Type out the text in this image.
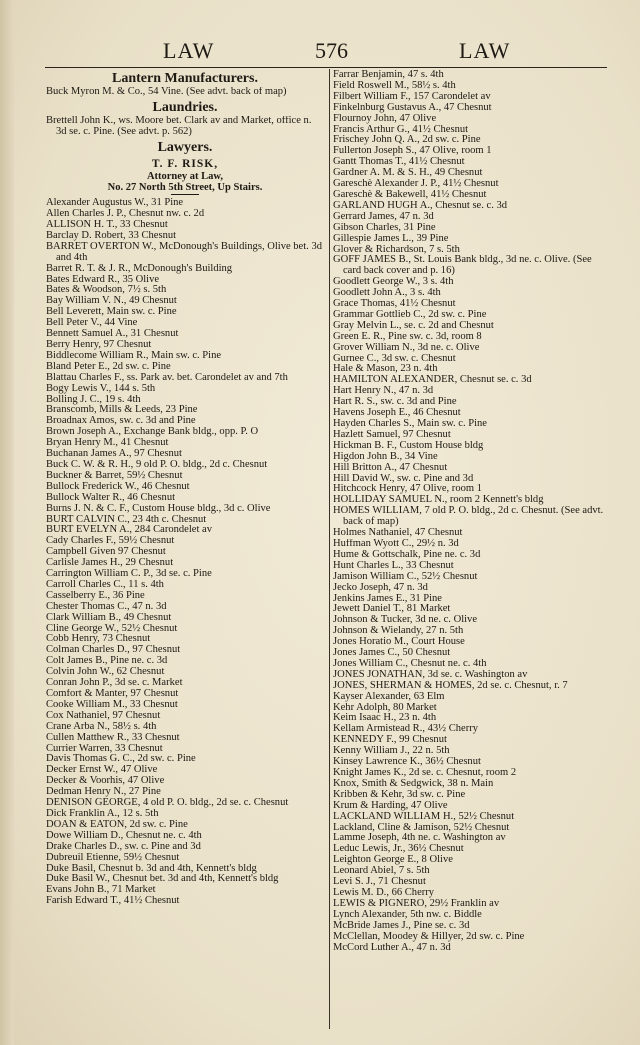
LAW	576	LAW
Lantern Manufacturers.
Buck Myron M. & Co., 54 Vine. (See advt. back of map)
Laundries.
Brettell John K., ws. Moore bet. Clark av and Market, office n. 3d se. c. Pine. (See advt. p. 562)
Lawyers.
T. F. RISK,
Attorney at Law,
No. 27 North 5th Street, Up Stairs.
Alexander Augustus W., 31 Pine
Allen Charles J. P., Chesnut nw. c. 2d
ALLISON H. T., 33 Chesnut
Barclay D. Robert, 33 Chesnut
BARRET OVERTON W., McDonough's Buildings, Olive bet. 3d and 4th
Barret R. T. & J. R., McDonough's Building
Bates Edward R., 35 Olive
Bates & Woodson, 7½ s. 5th
Bay William V. N., 49 Chesnut
Bell Leverett, Main sw. c. Pine
Bell Peter V., 44 Vine
Bennett Samuel A., 31 Chesnut
Berry Henry, 97 Chesnut
Biddlecome William R., Main sw. c. Pine
Bland Peter E., 2d sw. c. Pine
Blattau Charles F., ss. Park av. bet. Carondelet av and 7th
Bogy Lewis V., 144 s. 5th
Bolling J. C., 19 s. 4th
Branscomb, Mills & Leeds, 23 Pine
Broadnax Amos, sw. c. 3d and Pine
Brown Joseph A., Exchange Bank bldg., opp. P. O
Bryan Henry M., 41 Chesnut
Buchanan James A., 97 Chesnut
Buck C. W. & R. H., 9 old P. O. bldg., 2d c. Chesnut
Buckner & Barret, 59½ Chesnut
Bullock Frederick W., 46 Chesnut
Bullock Walter R., 46 Chesnut
Burns J. N. & C. F., Custom House bldg., 3d c. Olive
BURT CALVIN C., 23 4th c. Chesnut
BURT EVELYN A., 284 Carondelet av
Cady Charles F., 59½ Chesnut
Campbell Given 97 Chesnut
Carlisle James H., 29 Chesnut
Carrington William C. P., 3d se. c. Pine
Carroll Charles C., 11 s. 4th
Casselberry E., 36 Pine
Chester Thomas C., 47 n. 3d
Clark William B., 49 Chesnut
Cline George W., 52½ Chesnut
Cobb Henry, 73 Chesnut
Colman Charles D., 97 Chesnut
Colt James B., Pine ne. c. 3d
Colvin John W., 62 Chesnut
Conran John P., 3d se. c. Market
Comfort & Manter, 97 Chesnut
Cooke William M., 33 Chesnut
Cox Nathaniel, 97 Chesnut
Crane Arba N., 58½ s. 4th
Cullen Matthew R., 33 Chesnut
Currier Warren, 33 Chesnut
Davis Thomas G. C., 2d sw. c. Pine
Decker Ernst W., 47 Olive
Decker & Voorhis, 47 Olive
Dedman Henry N., 27 Pine
DENISON GEORGE, 4 old P. O. bldg., 2d se. c. Chesnut
Dick Franklin A., 12 s. 5th
DOAN & EATON, 2d sw. c. Pine
Dowe William D., Chesnut ne. c. 4th
Drake Charles D., sw. c. Pine and 3d
Dubreuil Etienne, 59½ Chesnut
Duke Basil, Chesnut b. 3d and 4th, Kennett's bldg
Duke Basil W., Chesnut bet. 3d and 4th, Kennett's bldg
Evans John B., 71 Market
Farish Edward T., 41½ Chesnut
Farrar Benjamin, 47 s. 4th
Field Roswell M., 58½ s. 4th
Filbert William F., 157 Carondelet av
Finkelnburg Gustavus A., 47 Chesnut
Flournoy John, 47 Olive
Francis Arthur G., 41½ Chesnut
Frischey John Q. A., 2d sw. c. Pine
Fullerton Joseph S., 47 Olive, room 1
Gantt Thomas T., 41½ Chesnut
Gardner A. M. & S. H., 49 Chesnut
Gareschè Alexander J. P., 41½ Chesnut
Gareschè & Bakewell, 41½ Chesnut
GARLAND HUGH A., Chesnut se. c. 3d
Gerrard James, 47 n. 3d
Gibson Charles, 31 Pine
Gillespie James L., 39 Pine
Glover & Richardson, 7 s. 5th
GOFF JAMES B., St. Louis Bank bldg., 3d ne. c. Olive. (See card back cover and p. 16)
Goodlett George W., 3 s. 4th
Goodlett John A., 3 s. 4th
Grace Thomas, 41½ Chesnut
Grammar Gottlieb C., 2d sw. c. Pine
Gray Melvin L., se. c. 2d and Chesnut
Green E. R., Pine sw. c. 3d, room 8
Grover William N., 3d ne. c. Olive
Gurnee C., 3d sw. c. Chesnut
Hale & Mason, 23 n. 4th
HAMILTON ALEXANDER, Chesnut se. c. 3d
Hart Henry N., 47 n. 3d
Hart R. S., sw. c. 3d and Pine
Havens Joseph E., 46 Chesnut
Hayden Charles S., Main sw. c. Pine
Hazlett Samuel, 97 Chesnut
Hickman B. F., Custom House bldg
Higdon John B., 34 Vine
Hill Britton A., 47 Chesnut
Hill David W., sw. c. Pine and 3d
Hitchcock Henry, 47 Olive, room 1
HOLLIDAY SAMUEL N., room 2 Kennett's bldg
HOMES WILLIAM, 7 old P. O. bldg., 2d c. Chesnut. (See advt. back of map)
Holmes Nathaniel, 47 Chesnut
Huffman Wyott C., 29½ n. 3d
Hume & Gottschalk, Pine ne. c. 3d
Hunt Charles L., 33 Chesnut
Jamison William C., 52½ Chesnut
Jecko Joseph, 47 n. 3d
Jenkins James E., 31 Pine
Jewett Daniel T., 81 Market
Johnson & Tucker, 3d ne. c. Olive
Johnson & Wielandy, 27 n. 5th
Jones Horatio M., Court House
Jones James C., 50 Chesnut
Jones William C., Chesnut ne. c. 4th
JONES JONATHAN, 3d se. c. Washington av
JONES, SHERMAN & HOMES, 2d se. c. Chesnut, r. 7
Kayser Alexander, 63 Elm
Kehr Adolph, 80 Market
Keim Isaac H., 23 n. 4th
Kellam Armistead R., 43½ Cherry
KENNEDY F., 99 Chesnut
Kenny William J., 22 n. 5th
Kinsey Lawrence K., 36½ Chesnut
Knight James K., 2d se. c. Chesnut, room 2
Knox, Smith & Sedgwick, 38 n. Main
Kribben & Kehr, 3d sw. c. Pine
Krum & Harding, 47 Olive
LACKLAND WILLIAM H., 52½ Chesnut
Lackland, Cline & Jamison, 52½ Chesnut
Lamme Joseph, 4th ne. c. Washington av
Leduc Lewis, Jr., 36½ Chesnut
Leighton George E., 8 Olive
Leonard Abiel, 7 s. 5th
Levi S. J., 71 Chesnut
Lewis M. D., 66 Cherry
LEWIS & PIGNERO, 29½ Franklin av
Lynch Alexander, 5th nw. c. Biddle
McBride James J., Pine se. c. 3d
McClellan, Moodey & Hillyer, 2d sw. c. Pine
McCord Luther A., 47 n. 3d
